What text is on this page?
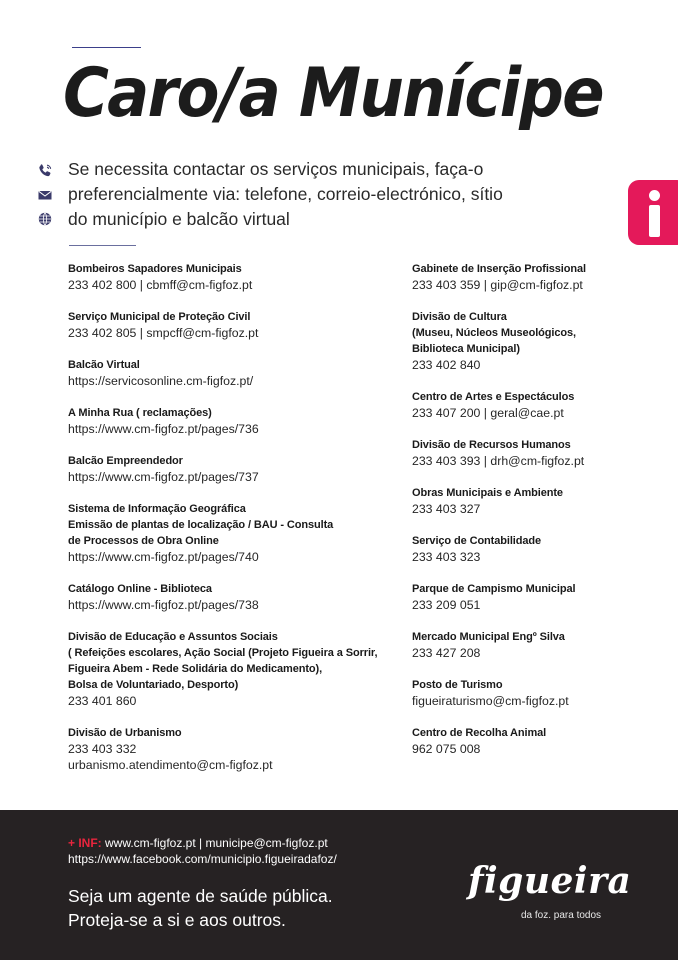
Caro/a Munícipe
Se necessita contactar os serviços municipais, faça-o preferencialmente via: telefone, correio-electrónico, sítio do município e balcão virtual
Bombeiros Sapadores Municipais
233 402 800 | cbmff@cm-figfoz.pt
Serviço Municipal de Proteção Civil
233 402 805 | smpcff@cm-figfoz.pt
Balcão Virtual
https://servicosonline.cm-figfoz.pt/
A Minha Rua ( reclamações)
https://www.cm-figfoz.pt/pages/736
Balcão Empreendedor
https://www.cm-figfoz.pt/pages/737
Sistema de Informação Geográfica
Emissão de plantas de localização / BAU - Consulta
de Processos de Obra Online
https://www.cm-figfoz.pt/pages/740
Catálogo Online - Biblioteca
https://www.cm-figfoz.pt/pages/738
Divisão de Educação e Assuntos Sociais
( Refeições escolares, Ação Social (Projeto Figueira a Sorrir,
Figueira Abem - Rede Solidária do Medicamento),
Bolsa de Voluntariado, Desporto)
233 401 860
Divisão de Urbanismo
233 403 332
urbanismo.atendimento@cm-figfoz.pt
Gabinete de Inserção Profissional
233 403 359 | gip@cm-figfoz.pt
Divisão de Cultura
(Museu, Núcleos Museológicos,
Biblioteca Municipal)
233 402 840
Centro de Artes e Espectáculos
233 407 200 | geral@cae.pt
Divisão de Recursos Humanos
233 403 393 | drh@cm-figfoz.pt
Obras Municipais e Ambiente
233 403 327
Serviço de Contabilidade
233 403 323
Parque de Campismo Municipal
233 209 051
Mercado Municipal Engº Silva
233 427 208
Posto de Turismo
figueiraturismo@cm-figfoz.pt
Centro de Recolha Animal
962 075 008
+ INF: www.cm-figfoz.pt | municipe@cm-figfoz.pt
https://www.facebook.com/municipio.figueiradafoz/
Seja um agente de saúde pública. Proteja-se a si e aos outros.
figueira
da foz. para todos
